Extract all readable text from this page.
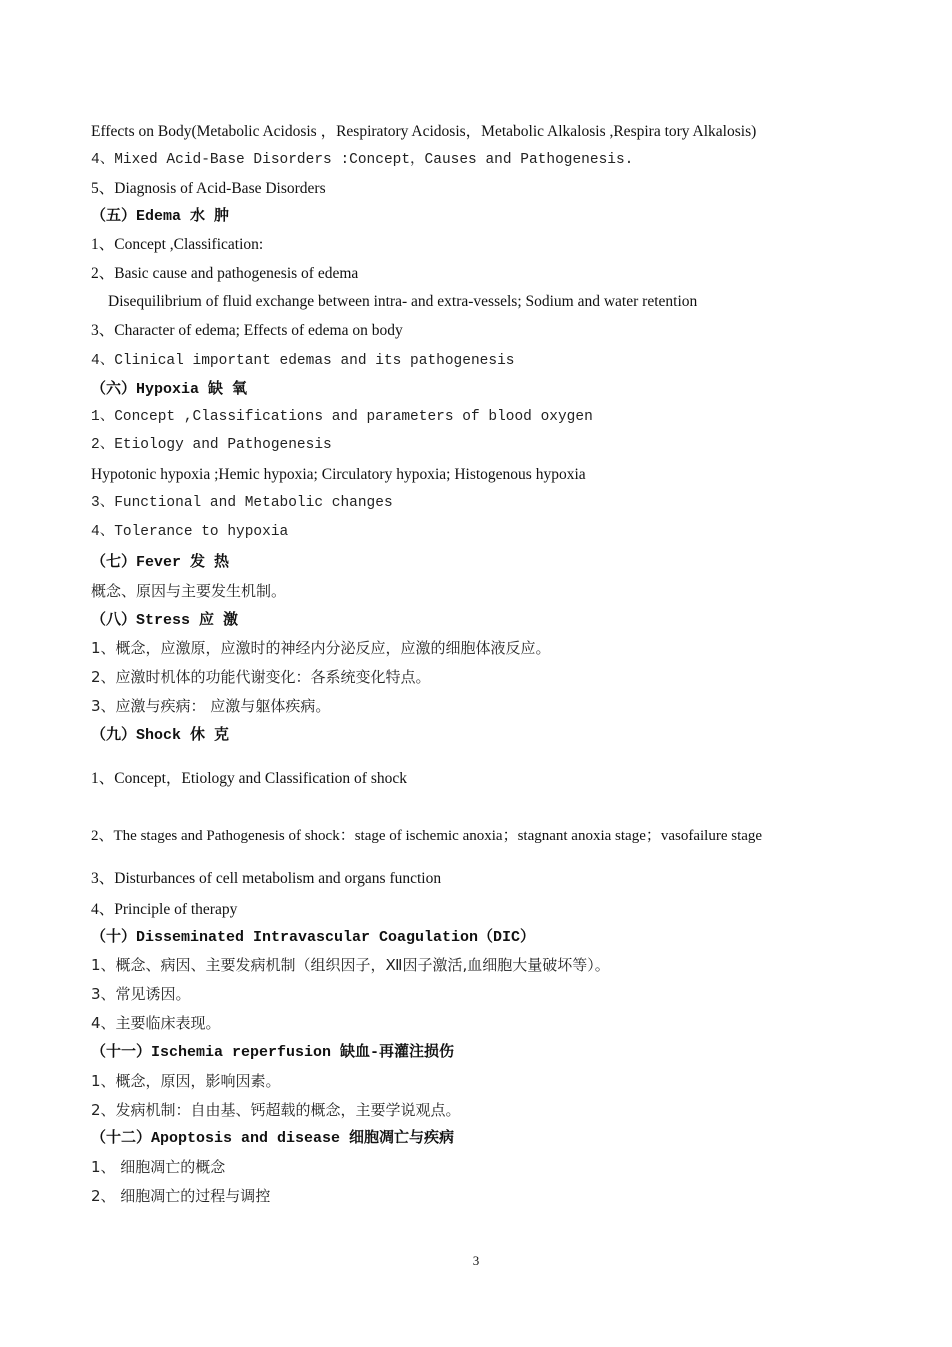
Effects on Body(Metabolic Acidosis ，Respiratory Acidosis，Metabolic Alkalosis ,Respira tory Alkalosis)
4、Mixed Acid-Base Disorders :Concept，Causes and Pathogenesis.
5、Diagnosis of Acid-Base Disorders
（五）Edema 水 肿
1、Concept ,Classification:
2、Basic cause and pathogenesis of edema
Disequilibrium of fluid exchange between intra- and extra-vessels; Sodium and water retention
3、Character of edema; Effects of edema on body
4、Clinical important edemas and its pathogenesis
（六）Hypoxia 缺 氧
1、Concept ,Classifications and parameters of blood oxygen
2、Etiology and Pathogenesis
Hypotonic hypoxia ;Hemic hypoxia; Circulatory hypoxia; Histogenous hypoxia
3、Functional and Metabolic changes
4、Tolerance to hypoxia
（七）Fever 发 热
概念、原因与主要发生机制。
（八）Stress 应 激
1、概念，应激原，应激时的神经内分泌反应，应激的细胞体液反应。
2、应激时机体的功能代谢变化：各系统变化特点。
3、应激与疾病： 应激与躯体疾病。
（九）Shock 休 克
1、Concept，Etiology and Classification of shock
2、The stages and Pathogenesis of shock：stage of ischemic anoxia；stagnant anoxia stage；vasofailure stage
3、Disturbances of cell metabolism and organs function
4、Principle of therapy
（十）Disseminated Intravascular Coagulation（DIC）
1、概念、病因、主要发病机制（组织因子，Ⅻ因子激活,血细胞大量破坏等）。
3、常见诱因。
4、主要临床表现。
（十一）Ischemia reperfusion 缺血-再灌注损伤
1、概念，原因，影响因素。
2、发病机制：自由基、钙超载的概念，主要学说观点。
（十二）Apoptosis and disease 细胞凋亡与疾病
1、 细胞凋亡的概念
2、 细胞凋亡的过程与调控
3
